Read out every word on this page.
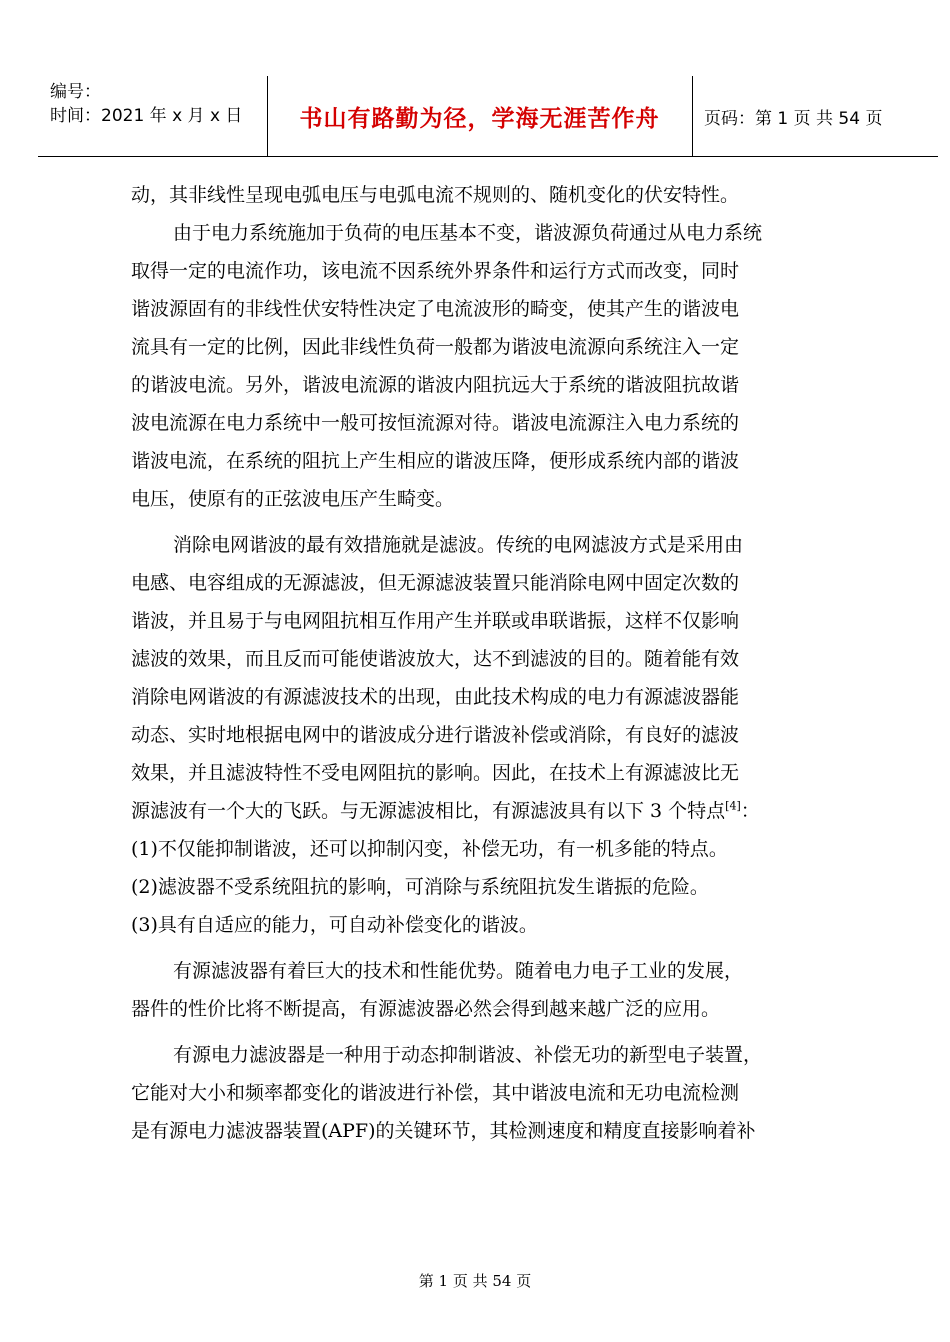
编号：
时间：2021 年 x 月 x 日	书山有路勤为径，学海无涯苦作舟	页码：第 1 页 共 54 页

动，其非线性呈现电弧电压与电弧电流不规则的、随机变化的伏安特性。

由于电力系统施加于负荷的电压基本不变，谐波源负荷通过从电力系统

取得一定的电流作功，该电流不因系统外界条件和运行方式而改变，同时

谐波源固有的非线性伏安特性决定了电流波形的畸变，使其产生的谐波电

流具有一定的比例，因此非线性负荷一般都为谐波电流源向系统注入一定

的谐波电流。另外，谐波电流源的谐波内阻抗远大于系统的谐波阻抗故谐

波电流源在电力系统中一般可按恒流源对待。谐波电流源注入电力系统的

谐波电流，在系统的阻抗上产生相应的谐波压降，便形成系统内部的谐波

电压，使原有的正弦波电压产生畸变。

消除电网谐波的最有效措施就是滤波。传统的电网滤波方式是采用由

电感、电容组成的无源滤波，但无源滤波装置只能消除电网中固定次数的

谐波，并且易于与电网阻抗相互作用产生并联或串联谐振，这样不仅影响

滤波的效果，而且反而可能使谐波放大，达不到滤波的目的。随着能有效

消除电网谐波的有源滤波技术的出现，由此技术构成的电力有源滤波器能

动态、实时地根据电网中的谐波成分进行谐波补偿或消除，有良好的滤波

效果，并且滤波特性不受电网阻抗的影响。因此，在技术上有源滤波比无

源滤波有一个大的飞跃。与无源滤波相比，有源滤波具有以下 3 个特点[4]：

(1)不仅能抑制谐波，还可以抑制闪变，补偿无功，有一机多能的特点。

(2)滤波器不受系统阻抗的影响，可消除与系统阻抗发生谐振的危险。

(3)具有自适应的能力，可自动补偿变化的谐波。

有源滤波器有着巨大的技术和性能优势。随着电力电子工业的发展，

器件的性价比将不断提高，有源滤波器必然会得到越来越广泛的应用。

有源电力滤波器是一种用于动态抑制谐波、补偿无功的新型电子装置，

它能对大小和频率都变化的谐波进行补偿，其中谐波电流和无功电流检测

是有源电力滤波器装置(APF)的关键环节，其检测速度和精度直接影响着补

第 1 页 共 54 页
